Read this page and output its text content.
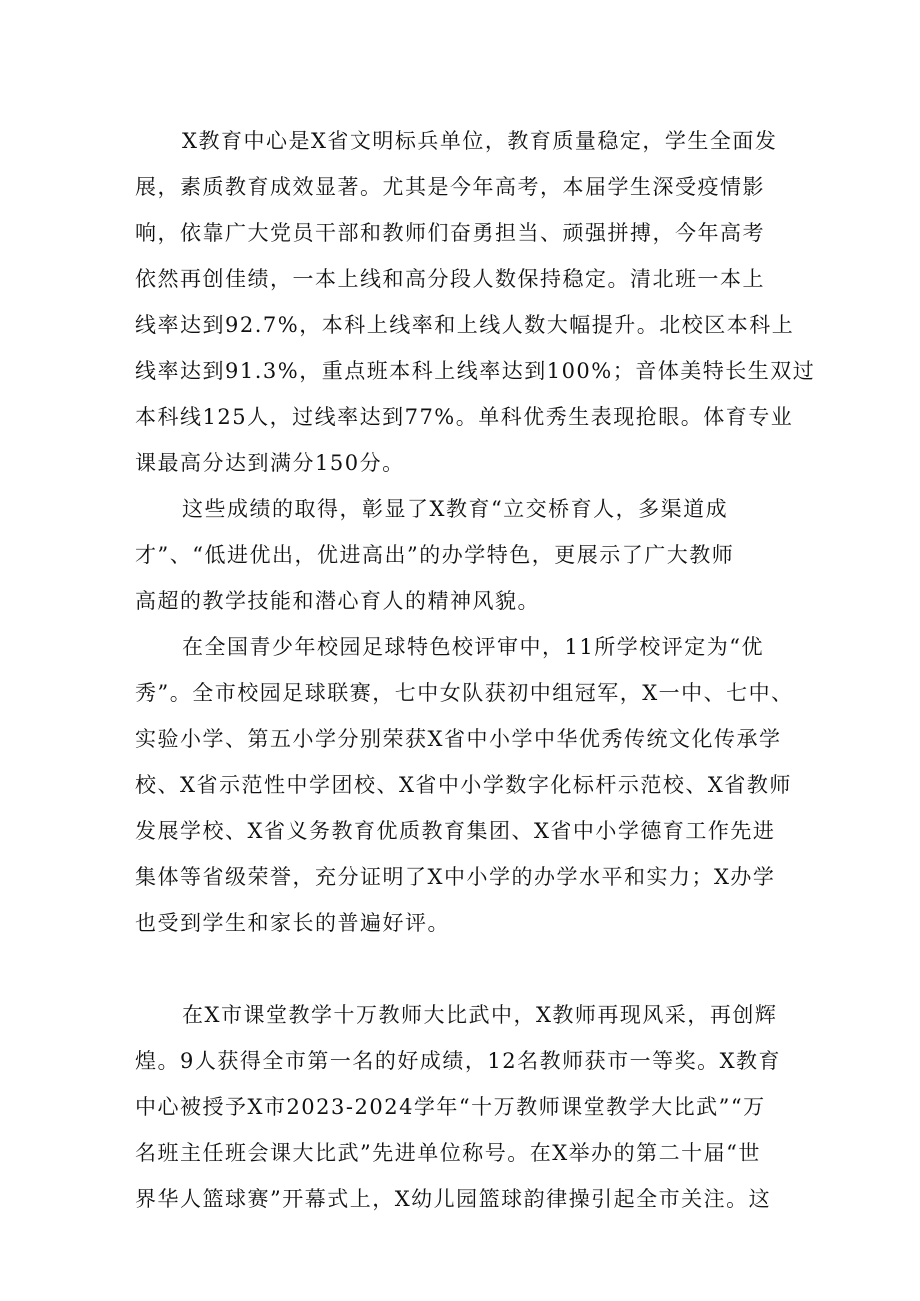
X教育中心是X省文明标兵单位，教育质量稳定，学生全面发
展，素质教育成效显著。尤其是今年高考，本届学生深受疫情影
响，依靠广大党员干部和教师们奋勇担当、顽强拼搏，今年高考
依然再创佳绩，一本上线和高分段人数保持稳定。清北班一本上
线率达到92.7%，本科上线率和上线人数大幅提升。北校区本科上
线率达到91.3%，重点班本科上线率达到100%；音体美特长生双过
本科线125人，过线率达到77%。单科优秀生表现抢眼。体育专业
课最高分达到满分150分。
这些成绩的取得，彰显了X教育“立交桥育人，多渠道成
才”、“低进优出，优进高出”的办学特色，更展示了广大教师
高超的教学技能和潜心育人的精神风貌。
在全国青少年校园足球特色校评审中，11所学校评定为“优
秀”。全市校园足球联赛，七中女队获初中组冠军，X一中、七中、
实验小学、第五小学分别荣获X省中小学中华优秀传统文化传承学
校、X省示范性中学团校、X省中小学数字化标杆示范校、X省教师
发展学校、X省义务教育优质教育集团、X省中小学德育工作先进
集体等省级荣誉，充分证明了X中小学的办学水平和实力；X办学
也受到学生和家长的普遍好评。
在X市课堂教学十万教师大比武中，X教师再现风采，再创辉
煌。9人获得全市第一名的好成绩，12名教师获市一等奖。X教育
中心被授予X市2023-2024学年“十万教师课堂教学大比武”“万
名班主任班会课大比武”先进单位称号。在X举办的第二十届“世
界华人篮球赛”开幕式上，X幼儿园篮球韵律操引起全市关注。这
